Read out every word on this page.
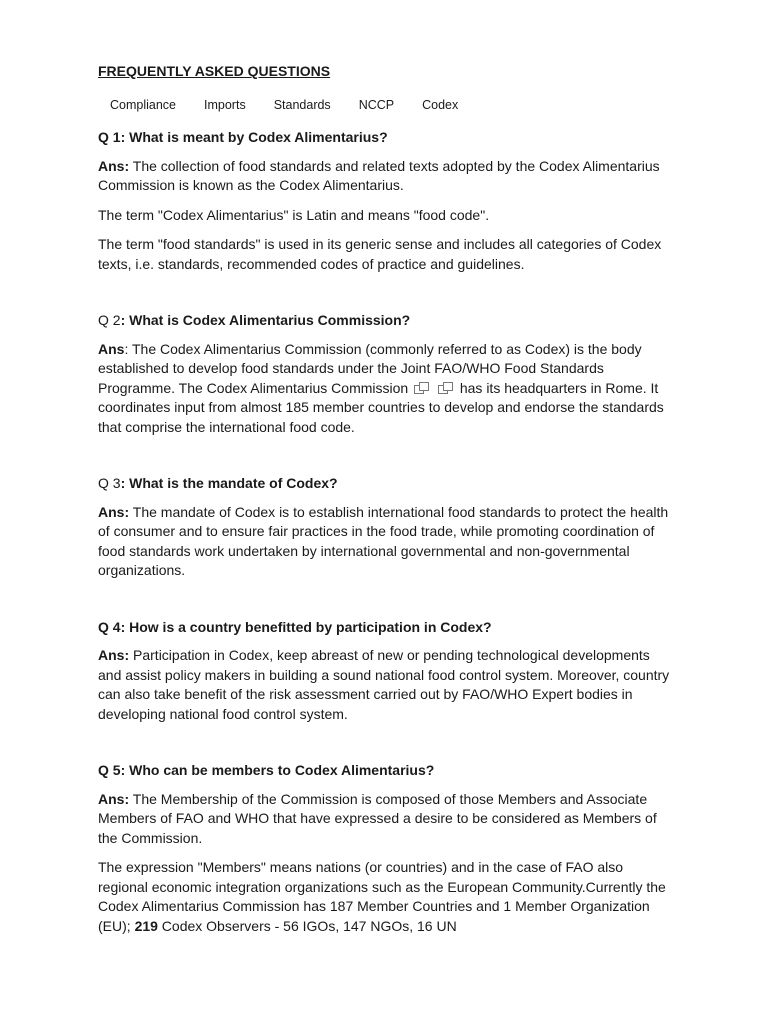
FREQUENTLY ASKED QUESTIONS
Compliance Imports Standards NCCP Codex
Q 1: What is meant by Codex Alimentarius?

Ans: The collection of food standards and related texts adopted by the Codex Alimentarius Commission is known as the Codex Alimentarius.

The term "Codex Alimentarius" is Latin and means "food code".

The term "food standards" is used in its generic sense and includes all categories of Codex texts, i.e. standards, recommended codes of practice and guidelines.

Q 2: What is Codex Alimentarius Commission?

Ans: The Codex Alimentarius Commission (commonly referred to as Codex) is the body established to develop food standards under the Joint FAO/WHO Food Standards Programme. The Codex Alimentarius Commission	has its headquarters in Rome. It coordinates input from almost 185 member countries to develop and endorse the standards that comprise the international food code.

Q 3: What is the mandate of Codex?

Ans: The mandate of Codex is to establish international food standards to protect the health of consumer and to ensure fair practices in the food trade, while promoting coordination of food standards work undertaken by international governmental and non-governmental organizations.

Q 4: How is a country benefitted by participation in Codex?

Ans: Participation in Codex, keep abreast of new or pending technological developments and assist policy makers in building a sound national food control system. Moreover, country can also take benefit of the risk assessment carried out by FAO/WHO Expert bodies in developing national food control system.

Q 5: Who can be members to Codex Alimentarius?

Ans: The Membership of the Commission is composed of those Members and Associate Members of FAO and WHO that have expressed a desire to be considered as Members of the Commission.

The expression "Members" means nations (or countries) and in the case of FAO also regional economic integration organizations such as the European Community.Currently the Codex Alimentarius Commission has 187 Member Countries and 1 Member Organization (EU); 219 Codex Observers - 56 IGOs, 147 NGOs, 16 UN
